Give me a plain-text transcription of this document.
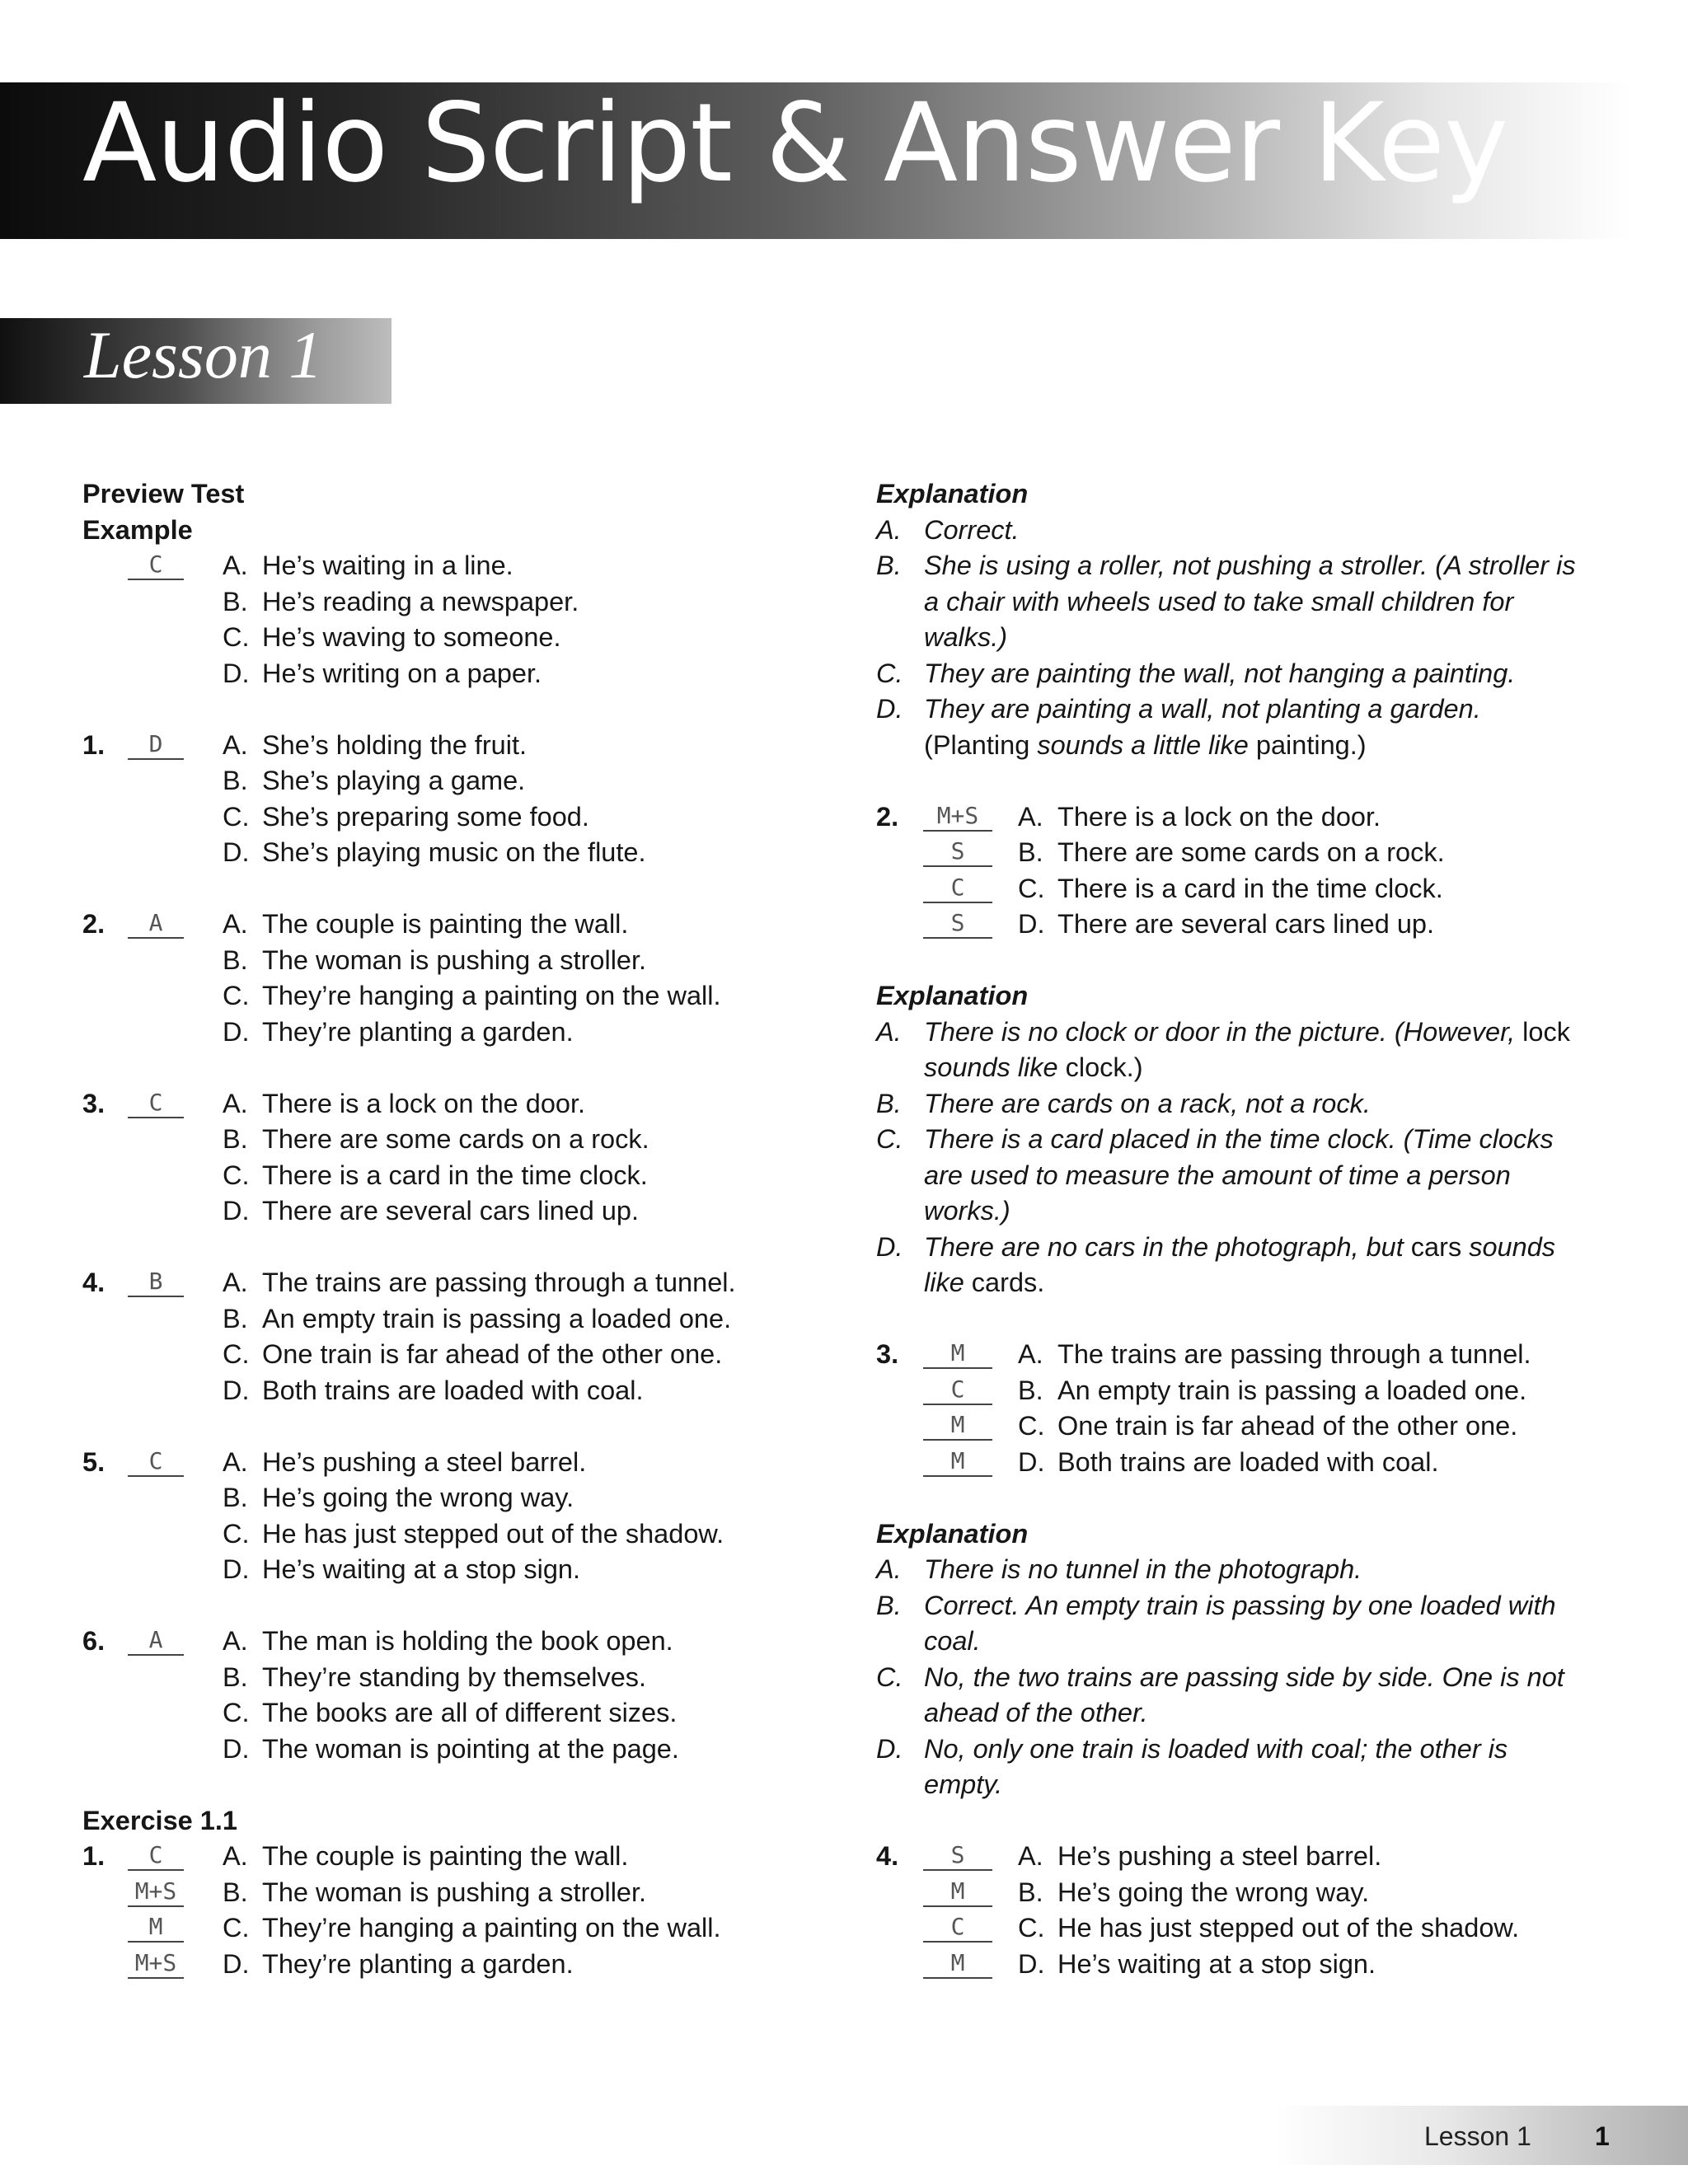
Audio Script & Answer Key
Lesson 1
Preview Test
Example
C	A. He’s waiting in a line.
B. He’s reading a newspaper.
C. He’s waving to someone.
D. He’s writing on a paper.
1.	D	A. She’s holding the fruit.
B. She’s playing a game.
C. She’s preparing some food.
D. She’s playing music on the flute.
2.	A	A. The couple is painting the wall.
B. The woman is pushing a stroller.
C. They’re hanging a painting on the wall.
D. They’re planting a garden.
3.	C	A. There is a lock on the door.
B. There are some cards on a rock.
C. There is a card in the time clock.
D. There are several cars lined up.
4.	B	A. The trains are passing through a tunnel.
B. An empty train is passing a loaded one.
C. One train is far ahead of the other one.
D. Both trains are loaded with coal.
5.	C	A. He’s pushing a steel barrel.
B. He’s going the wrong way.
C. He has just stepped out of the shadow.
D. He’s waiting at a stop sign.
6.	A	A. The man is holding the book open.
B. They’re standing by themselves.
C. The books are all of different sizes.
D. The woman is pointing at the page.
Exercise 1.1
1.	C	A. The couple is painting the wall.
M+S B. The woman is pushing a stroller.
M	C. They’re hanging a painting on the wall.
M+S D. They’re planting a garden.
Explanation
A. Correct.
B. She is using a roller, not pushing a stroller. (A stroller is
a chair with wheels used to take small children for
walks.)
C. They are painting the wall, not hanging a painting.
D. They are painting a wall, not planting a garden.
(Planting sounds a little like painting.)
2.	M+S	A. There is a lock on the door.
S	B. There are some cards on a rock.
C	C. There is a card in the time clock.
S	D. There are several cars lined up.
Explanation
A. There is no clock or door in the picture. (However, lock
sounds like clock.)
B. There are cards on a rack, not a rock.
C. There is a card placed in the time clock. (Time clocks
are used to measure the amount of time a person
works.)
D. There are no cars in the photograph, but cars sounds
like cards.
3.	M	A. The trains are passing through a tunnel.
C	B. An empty train is passing a loaded one.
M	C. One train is far ahead of the other one.
M	D. Both trains are loaded with coal.
Explanation
A. There is no tunnel in the photograph.
B. Correct. An empty train is passing by one loaded with
coal.
C. No, the two trains are passing side by side. One is not
ahead of the other.
D. No, only one train is loaded with coal; the other is
empty.
4.	S	A. He’s pushing a steel barrel.
M	B. He’s going the wrong way.
C	C. He has just stepped out of the shadow.
M	D. He’s waiting at a stop sign.
Lesson 1 1
